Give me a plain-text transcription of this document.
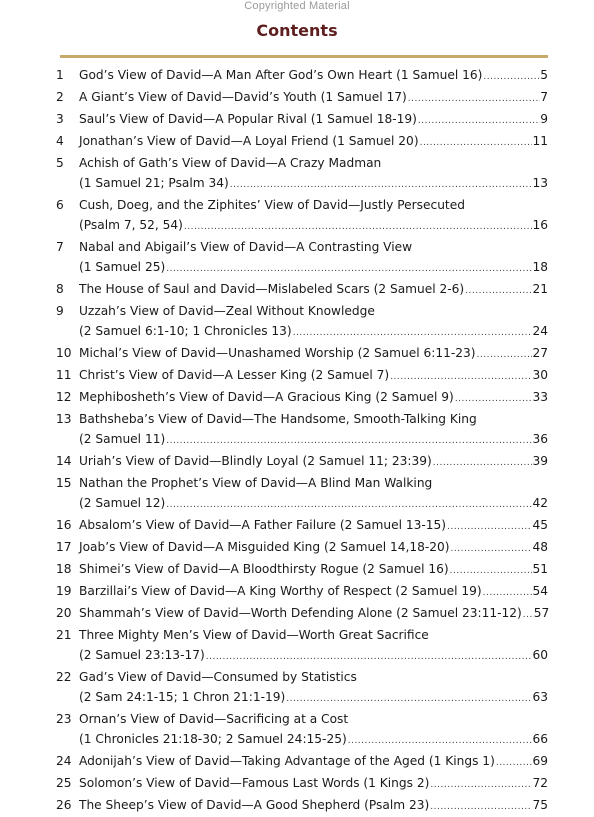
Copyrighted Material
Contents
1	God’s View of David—A Man After God’s Own Heart (1 Samuel 16) .....	5
2	A Giant’s View of David—David’s Youth (1 Samuel 17) .....	7
3	Saul’s View of David—A Popular Rival (1 Samuel 18-19) .....	9
4	Jonathan’s View of David—A Loyal Friend (1 Samuel 20) .....	11
5	Achish of Gath’s View of David—A Crazy Madman
(1 Samuel 21; Psalm 34) .....	13
6	Cush, Doeg, and the Ziphites’ View of David—Justly Persecuted
(Psalm 7, 52, 54) .....	16
7	Nabal and Abigail’s View of David—A Contrasting View
(1 Samuel 25) .....	18
8	The House of Saul and David—Mislabeled Scars (2 Samuel 2-6) .....	21
9	Uzzah’s View of David—Zeal Without Knowledge
(2 Samuel 6:1-10; 1 Chronicles 13) .....	24
10 Michal’s View of David—Unashamed Worship (2 Samuel 6:11-23) .....	27
11 Christ’s View of David—A Lesser King (2 Samuel 7) .....	30
12 Mephibosheth’s View of David—A Gracious King (2 Samuel 9) .....	33
13 Bathsheba’s View of David—The Handsome, Smooth-Talking King
(2 Samuel 11) .....	36
14 Uriah’s View of David—Blindly Loyal (2 Samuel 11; 23:39) .....	39
15 Nathan the Prophet’s View of David—A Blind Man Walking
(2 Samuel 12) .....	42
16 Absalom’s View of David—A Father Failure (2 Samuel 13-15) .....	45
17 Joab’s View of David—A Misguided King (2 Samuel 14,18-20) .....	48
18 Shimei’s View of David—A Bloodthirsty Rogue (2 Samuel 16) .....	51
19 Barzillai’s View of David—A King Worthy of Respect (2 Samuel 19) .....	54
20 Shammah’s View of David—Worth Defending Alone (2 Samuel 23:11-12) ..... 57
21 Three Mighty Men’s View of David—Worth Great Sacrifice
(2 Samuel 23:13-17) .....	60
22 Gad’s View of David—Consumed by Statistics
(2 Sam 24:1-15; 1 Chron 21:1-19) .....	63
23 Ornan’s View of David—Sacrificing at a Cost
(1 Chronicles 21:18-30; 2 Samuel 24:15-25) .....	66
24 Adonijah’s View of David—Taking Advantage of the Aged (1 Kings 1) .....	69
25 Solomon’s View of David—Famous Last Words (1 Kings 2) .....	72
26 The Sheep’s View of David—A Good Shepherd (Psalm 23) .....	75
